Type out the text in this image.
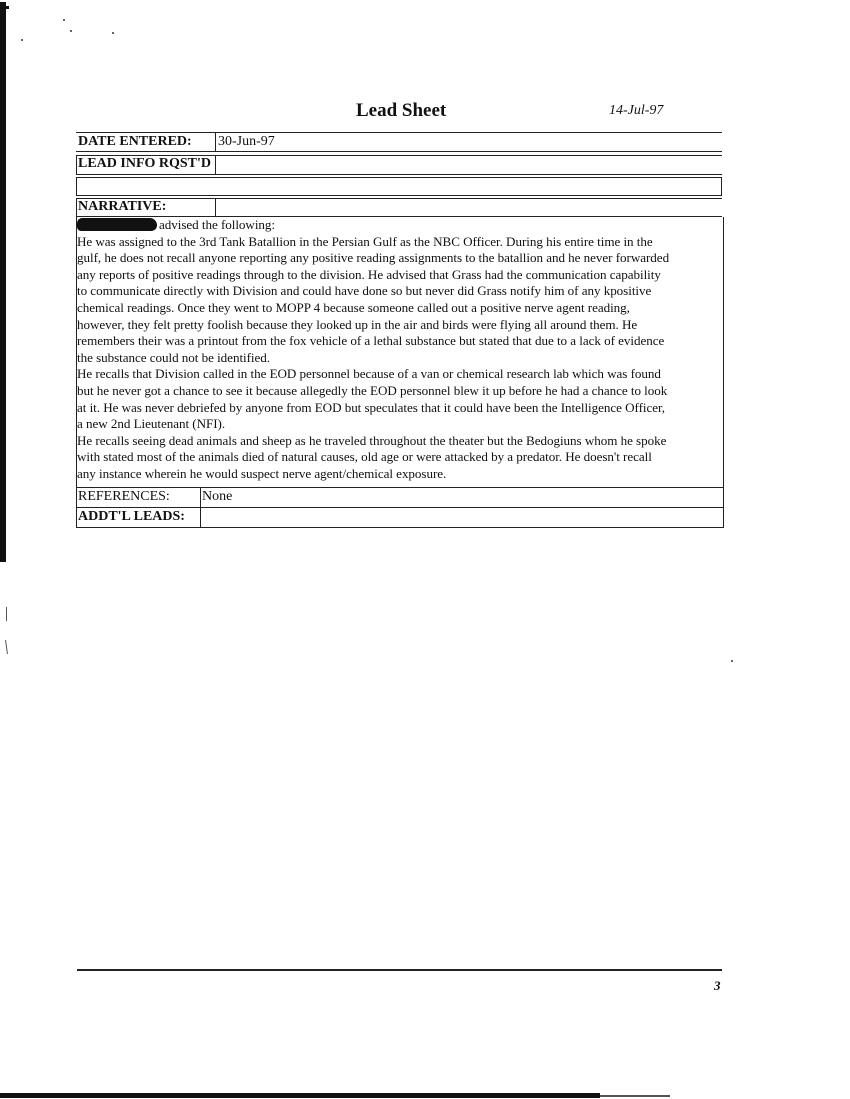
Lead Sheet	14-Jul-97
DATE ENTERED: 30-Jun-97
LEAD INFO RQST'D
NARRATIVE:
advised the following:
He was assigned to the 3rd Tank Batallion in the Persian Gulf as the NBC Officer. During his entire time in the
gulf, he does not recall anyone reporting any positive reading assignments to the batallion and he never forwarded
any reports of positive readings through to the division. He advised that Grass had the communication capability
to communicate directly with Division and could have done so but never did Grass notify him of any kpositive
chemical readings. Once they went to MOPP 4 because someone called out a positive nerve agent reading,
however, they felt pretty foolish because they looked up in the air and birds were flying all around them. He
remembers their was a printout from the fox vehicle of a lethal substance but stated that due to a lack of evidence
the substance could not be identified.
He recalls that Division called in the EOD personnel because of a van or chemical research lab which was found
but he never got a chance to see it because allegedly the EOD personnel blew it up before he had a chance to look
at it. He was never debriefed by anyone from EOD but speculates that it could have been the Intelligence Officer,
a new 2nd Lieutenant (NFI).
He recalls seeing dead animals and sheep as he traveled throughout the theater but the Bedogiuns whom he spoke
with stated most of the animals died of natural causes, old age or were attacked by a predator. He doesn't recall
any instance wherein he would suspect nerve agent/chemical exposure.
REFERENCES: None
ADDT'L LEADS:
3
